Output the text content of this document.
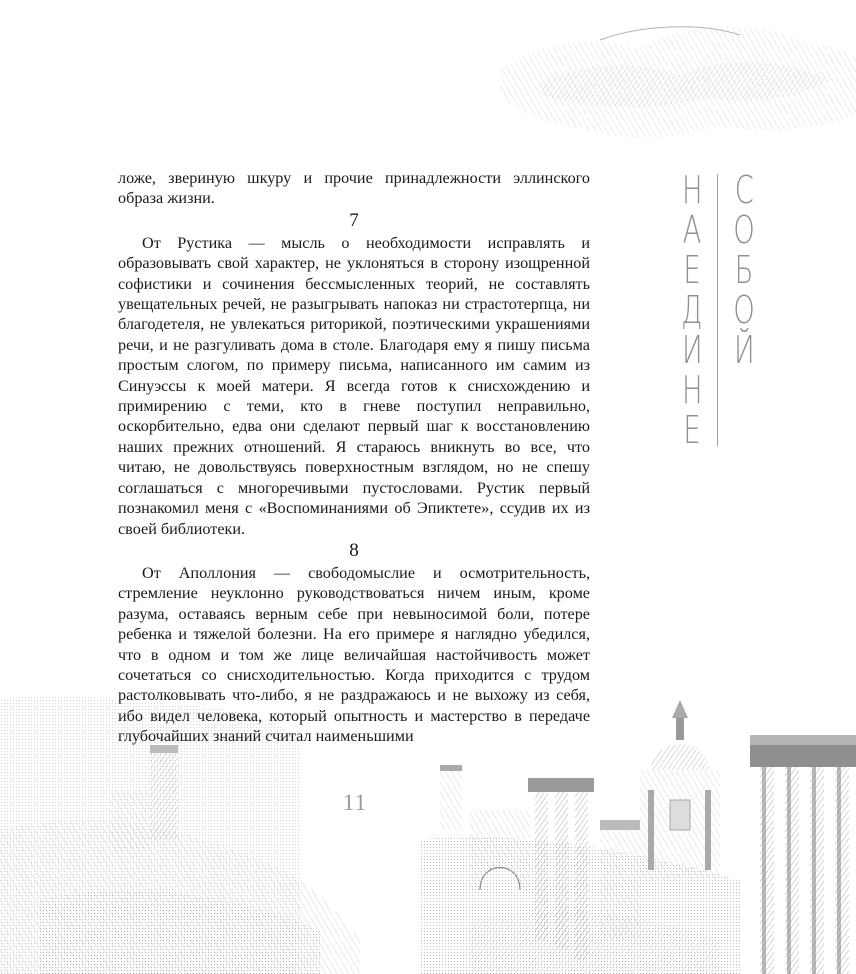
Н
А
Е
Д
И
Н
Е
С
О
Б
О
Й

ложе, звериную шкуру и прочие принадлежности эллинского образа жизни.

7

От Рустика — мысль о необходимости исправлять и образовывать свой характер, не уклоняться в сторону изощренной софистики и сочинения бессмысленных теорий, не составлять увещательных речей, не разыгрывать напоказ ни страстотерпца, ни благодетеля, не увлекаться риторикой, поэтическими украшениями речи, и не разгуливать дома в столе. Благодаря ему я пишу письма простым слогом, по примеру письма, написанного им самим из Синуэссы к моей матери. Я всегда готов к снисхождению и примирению с теми, кто в гневе поступил неправильно, оскорбительно, едва они сделают первый шаг к восстановлению наших прежних отношений. Я стараюсь вникнуть во все, что читаю, не довольствуясь поверхностным взглядом, но не спешу соглашаться с многоречивыми пустословами. Рустик первый познакомил меня с «Воспоминаниями об Эпиктете», ссудив их из своей библиотеки.

8

От Аполлония — свободомыслие и осмотрительность, стремление неуклонно руководствоваться ничем иным, кроме разума, оставаясь верным себе при невыносимой боли, потере ребенка и тяжелой болезни. На его примере я наглядно убедился, что в одном и том же лице величайшая настойчивость может сочетаться со снисходительностью. Когда приходится с трудом растолковывать что-либо, я не раздражаюсь и не выхожу из себя, ибо видел человека, который опытность и мастерство в передаче глубочайших знаний считал наименьшими

11
